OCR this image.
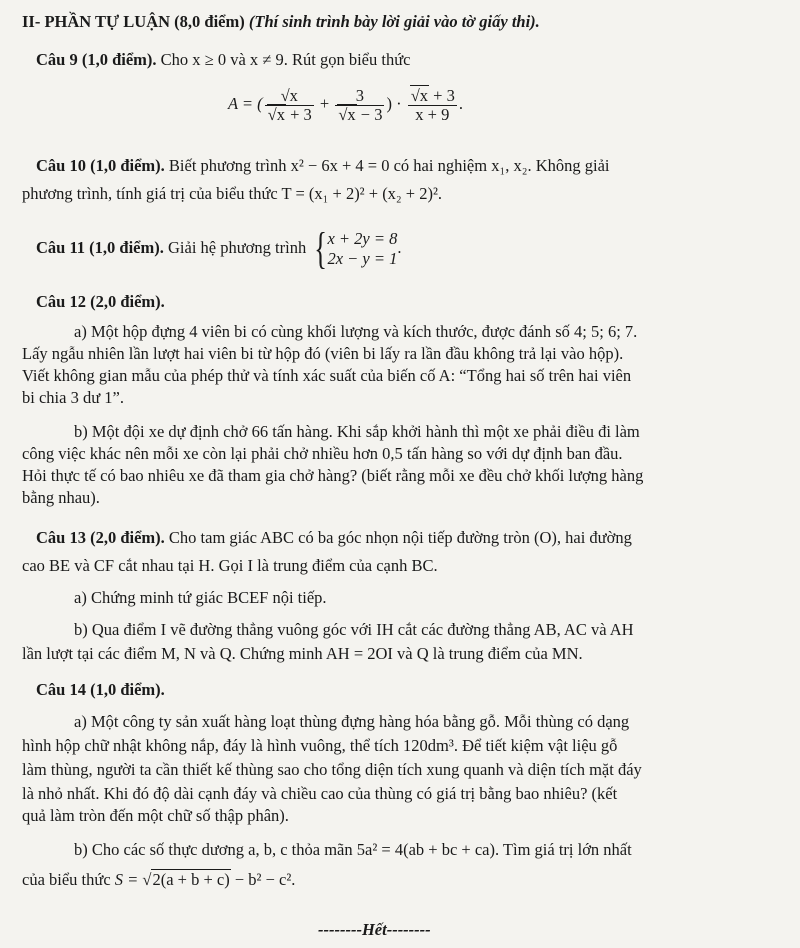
II- PHẦN TỰ LUẬN (8,0 điểm) (Thí sinh trình bày lời giải vào tờ giấy thi).
Câu 9 (1,0 điểm). Cho x ≥ 0 và x ≠ 9. Rút gọn biểu thức
A = ( $\frac{√x}{√x + 3} + \frac{3}{√x - 3}$ ) · $\frac{√x + 3}{x + 9}$ .
Câu 10 (1,0 điểm). Biết phương trình x² − 6x + 4 = 0 có hai nghiệm x₁, x₂. Không giải
phương trình, tính giá trị của biểu thức T = (x₁ + 2)² + (x₂ + 2)².
Câu 11 (1,0 điểm). Giải hệ phương trình { x + 2y = 8
2x − y = 1
.
Câu 12 (2,0 điểm).
a) Một hộp đựng 4 viên bi có cùng khối lượng và kích thước, được đánh số 4; 5; 6; 7.
Lấy ngẫu nhiên lần lượt hai viên bi từ hộp đó (viên bi lấy ra lần đầu không trả lại vào hộp).
Viết không gian mẫu của phép thử và tính xác suất của biến cố A: “Tổng hai số trên hai viên
bi chia 3 dư 1”.
b) Một đội xe dự định chở 66 tấn hàng. Khi sắp khởi hành thì một xe phải điều đi làm
công việc khác nên mỗi xe còn lại phải chở nhiều hơn 0,5 tấn hàng so với dự định ban đầu.
Hỏi thực tế có bao nhiêu xe đã tham gia chở hàng? (biết rằng mỗi xe đều chở khối lượng hàng
bằng nhau).
Câu 13 (2,0 điểm). Cho tam giác ABC có ba góc nhọn nội tiếp đường tròn (O), hai đường
cao BE và CF cắt nhau tại H. Gọi I là trung điểm của cạnh BC.
a) Chứng minh tứ giác BCEF nội tiếp.
b) Qua điểm I vẽ đường thẳng vuông góc với IH cắt các đường thẳng AB, AC và AH
lần lượt tại các điểm M, N và Q. Chứng minh AH = 2OI và Q là trung điểm của MN.
Câu 14 (1,0 điểm).
a) Một công ty sản xuất hàng loạt thùng đựng hàng hóa bằng gỗ. Mỗi thùng có dạng
hình hộp chữ nhật không nắp, đáy là hình vuông, thể tích 120dm³. Để tiết kiệm vật liệu gỗ
làm thùng, người ta cần thiết kế thùng sao cho tổng diện tích xung quanh và diện tích mặt đáy
là nhỏ nhất. Khi đó độ dài cạnh đáy và chiều cao của thùng có giá trị bằng bao nhiêu? (kết
quả làm tròn đến một chữ số thập phân).
b) Cho các số thực dương a, b, c thỏa mãn 5a² = 4(ab + bc + ca). Tìm giá trị lớn nhất
của biểu thức S = √2(a + b + c) − b² − c².
--------Hết--------
